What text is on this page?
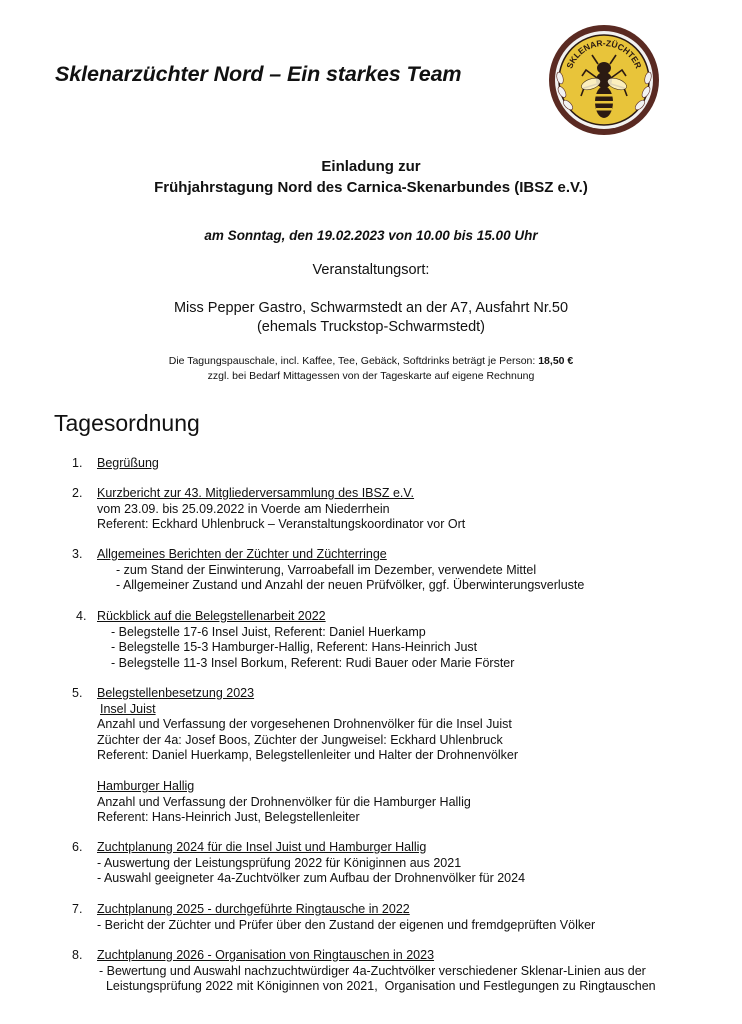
Sklenarzüchter Nord – Ein starkes Team	SKLENAR-ZÜCHTER
Einladung zur
Frühjahrstagung Nord des Carnica-Skenarbundes (IBSZ e.V.)
am Sonntag, den 19.02.2023 von 10.00 bis 15.00 Uhr
Veranstaltungsort:
Miss Pepper Gastro, Schwarmstedt an der A7, Ausfahrt Nr.50
(ehemals Truckstop-Schwarmstedt)
Die Tagungspauschale, incl. Kaffee, Tee, Gebäck, Softdrinks beträgt je Person: 18,50 €
zzgl. bei Bedarf Mittagessen von der Tageskarte auf eigene Rechnung
Tagesordnung
1. Begrüßung
2. Kurzbericht zur 43. Mitgliederversammlung des IBSZ e.V.
vom 23.09. bis 25.09.2022 in Voerde am Niederrhein
Referent: Eckhard Uhlenbruck – Veranstaltungskoordinator vor Ort
3. Allgemeines Berichten der Züchter und Züchterringe
- zum Stand der Einwinterung, Varroabefall im Dezember, verwendete Mittel
- Allgemeiner Zustand und Anzahl der neuen Prüfvölker, ggf. Überwinterungsverluste
4. Rückblick auf die Belegstellenarbeit 2022
- Belegstelle 17-6 Insel Juist, Referent: Daniel Huerkamp
- Belegstelle 15-3 Hamburger-Hallig, Referent: Hans-Heinrich Just
- Belegstelle 11-3 Insel Borkum, Referent: Rudi Bauer oder Marie Förster
5. Belegstellenbesetzung 2023
Insel Juist
Anzahl und Verfassung der vorgesehenen Drohnenvölker für die Insel Juist
Züchter der 4a: Josef Boos, Züchter der Jungweisel: Eckhard Uhlenbruck
Referent: Daniel Huerkamp, Belegstellenleiter und Halter der Drohnenvölker
Hamburger Hallig
Anzahl und Verfassung der Drohnenvölker für die Hamburger Hallig
Referent: Hans-Heinrich Just, Belegstellenleiter
6. Zuchtplanung 2024 für die Insel Juist und Hamburger Hallig
- Auswertung der Leistungsprüfung 2022 für Königinnen aus 2021
- Auswahl geeigneter 4a-Zuchtvölker zum Aufbau der Drohnenvölker für 2024
7. Zuchtplanung 2025 - durchgeführte Ringtausche in 2022
- Bericht der Züchter und Prüfer über den Zustand der eigenen und fremdgeprüften Völker
8. Zuchtplanung 2026 - Organisation von Ringtauschen in 2023
- Bewertung und Auswahl nachzuchtwürdiger 4a-Zuchtvölker verschiedener Sklenar-Linien aus der
Leistungsprüfung 2022 mit Königinnen von 2021,  Organisation und Festlegungen zu Ringtauschen
